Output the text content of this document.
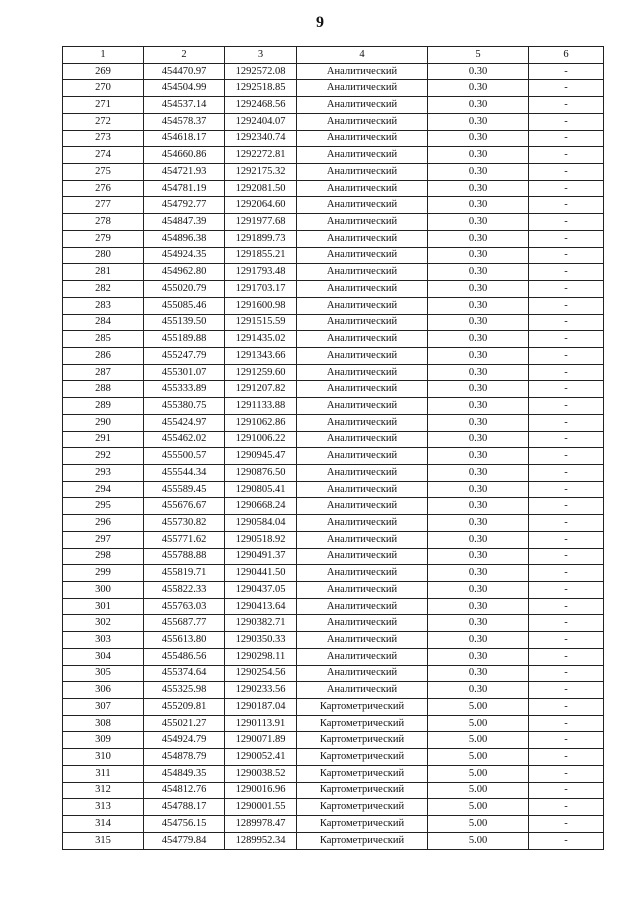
9
1	2	3	4	5	6
269	454470.97	1292572.08	Аналитический	0.30	-
270	454504.99	1292518.85	Аналитический	0.30	-
271	454537.14	1292468.56	Аналитический	0.30	-
272	454578.37	1292404.07	Аналитический	0.30	-
273	454618.17	1292340.74	Аналитический	0.30	-
274	454660.86	1292272.81	Аналитический	0.30	-
275	454721.93	1292175.32	Аналитический	0.30	-
276	454781.19	1292081.50	Аналитический	0.30	-
277	454792.77	1292064.60	Аналитический	0.30	-
278	454847.39	1291977.68	Аналитический	0.30	-
279	454896.38	1291899.73	Аналитический	0.30	-
280	454924.35	1291855.21	Аналитический	0.30	-
281	454962.80	1291793.48	Аналитический	0.30	-
282	455020.79	1291703.17	Аналитический	0.30	-
283	455085.46	1291600.98	Аналитический	0.30	-
284	455139.50	1291515.59	Аналитический	0.30	-
285	455189.88	1291435.02	Аналитический	0.30	-
286	455247.79	1291343.66	Аналитический	0.30	-
287	455301.07	1291259.60	Аналитический	0.30	-
288	455333.89	1291207.82	Аналитический	0.30	-
289	455380.75	1291133.88	Аналитический	0.30	-
290	455424.97	1291062.86	Аналитический	0.30	-
291	455462.02	1291006.22	Аналитический	0.30	-
292	455500.57	1290945.47	Аналитический	0.30	-
293	455544.34	1290876.50	Аналитический	0.30	-
294	455589.45	1290805.41	Аналитический	0.30	-
295	455676.67	1290668.24	Аналитический	0.30	-
296	455730.82	1290584.04	Аналитический	0.30	-
297	455771.62	1290518.92	Аналитический	0.30	-
298	455788.88	1290491.37	Аналитический	0.30	-
299	455819.71	1290441.50	Аналитический	0.30	-
300	455822.33	1290437.05	Аналитический	0.30	-
301	455763.03	1290413.64	Аналитический	0.30	-
302	455687.77	1290382.71	Аналитический	0.30	-
303	455613.80	1290350.33	Аналитический	0.30	-
304	455486.56	1290298.11	Аналитический	0.30	-
305	455374.64	1290254.56	Аналитический	0.30	-
306	455325.98	1290233.56	Аналитический	0.30	-
307	455209.81	1290187.04	Картометрический	5.00	-
308	455021.27	1290113.91	Картометрический	5.00	-
309	454924.79	1290071.89	Картометрический	5.00	-
310	454878.79	1290052.41	Картометрический	5.00	-
311	454849.35	1290038.52	Картометрический	5.00	-
312	454812.76	1290016.96	Картометрический	5.00	-
313	454788.17	1290001.55	Картометрический	5.00	-
314	454756.15	1289978.47	Картометрический	5.00	-
315	454779.84	1289952.34	Картометрический	5.00	-
